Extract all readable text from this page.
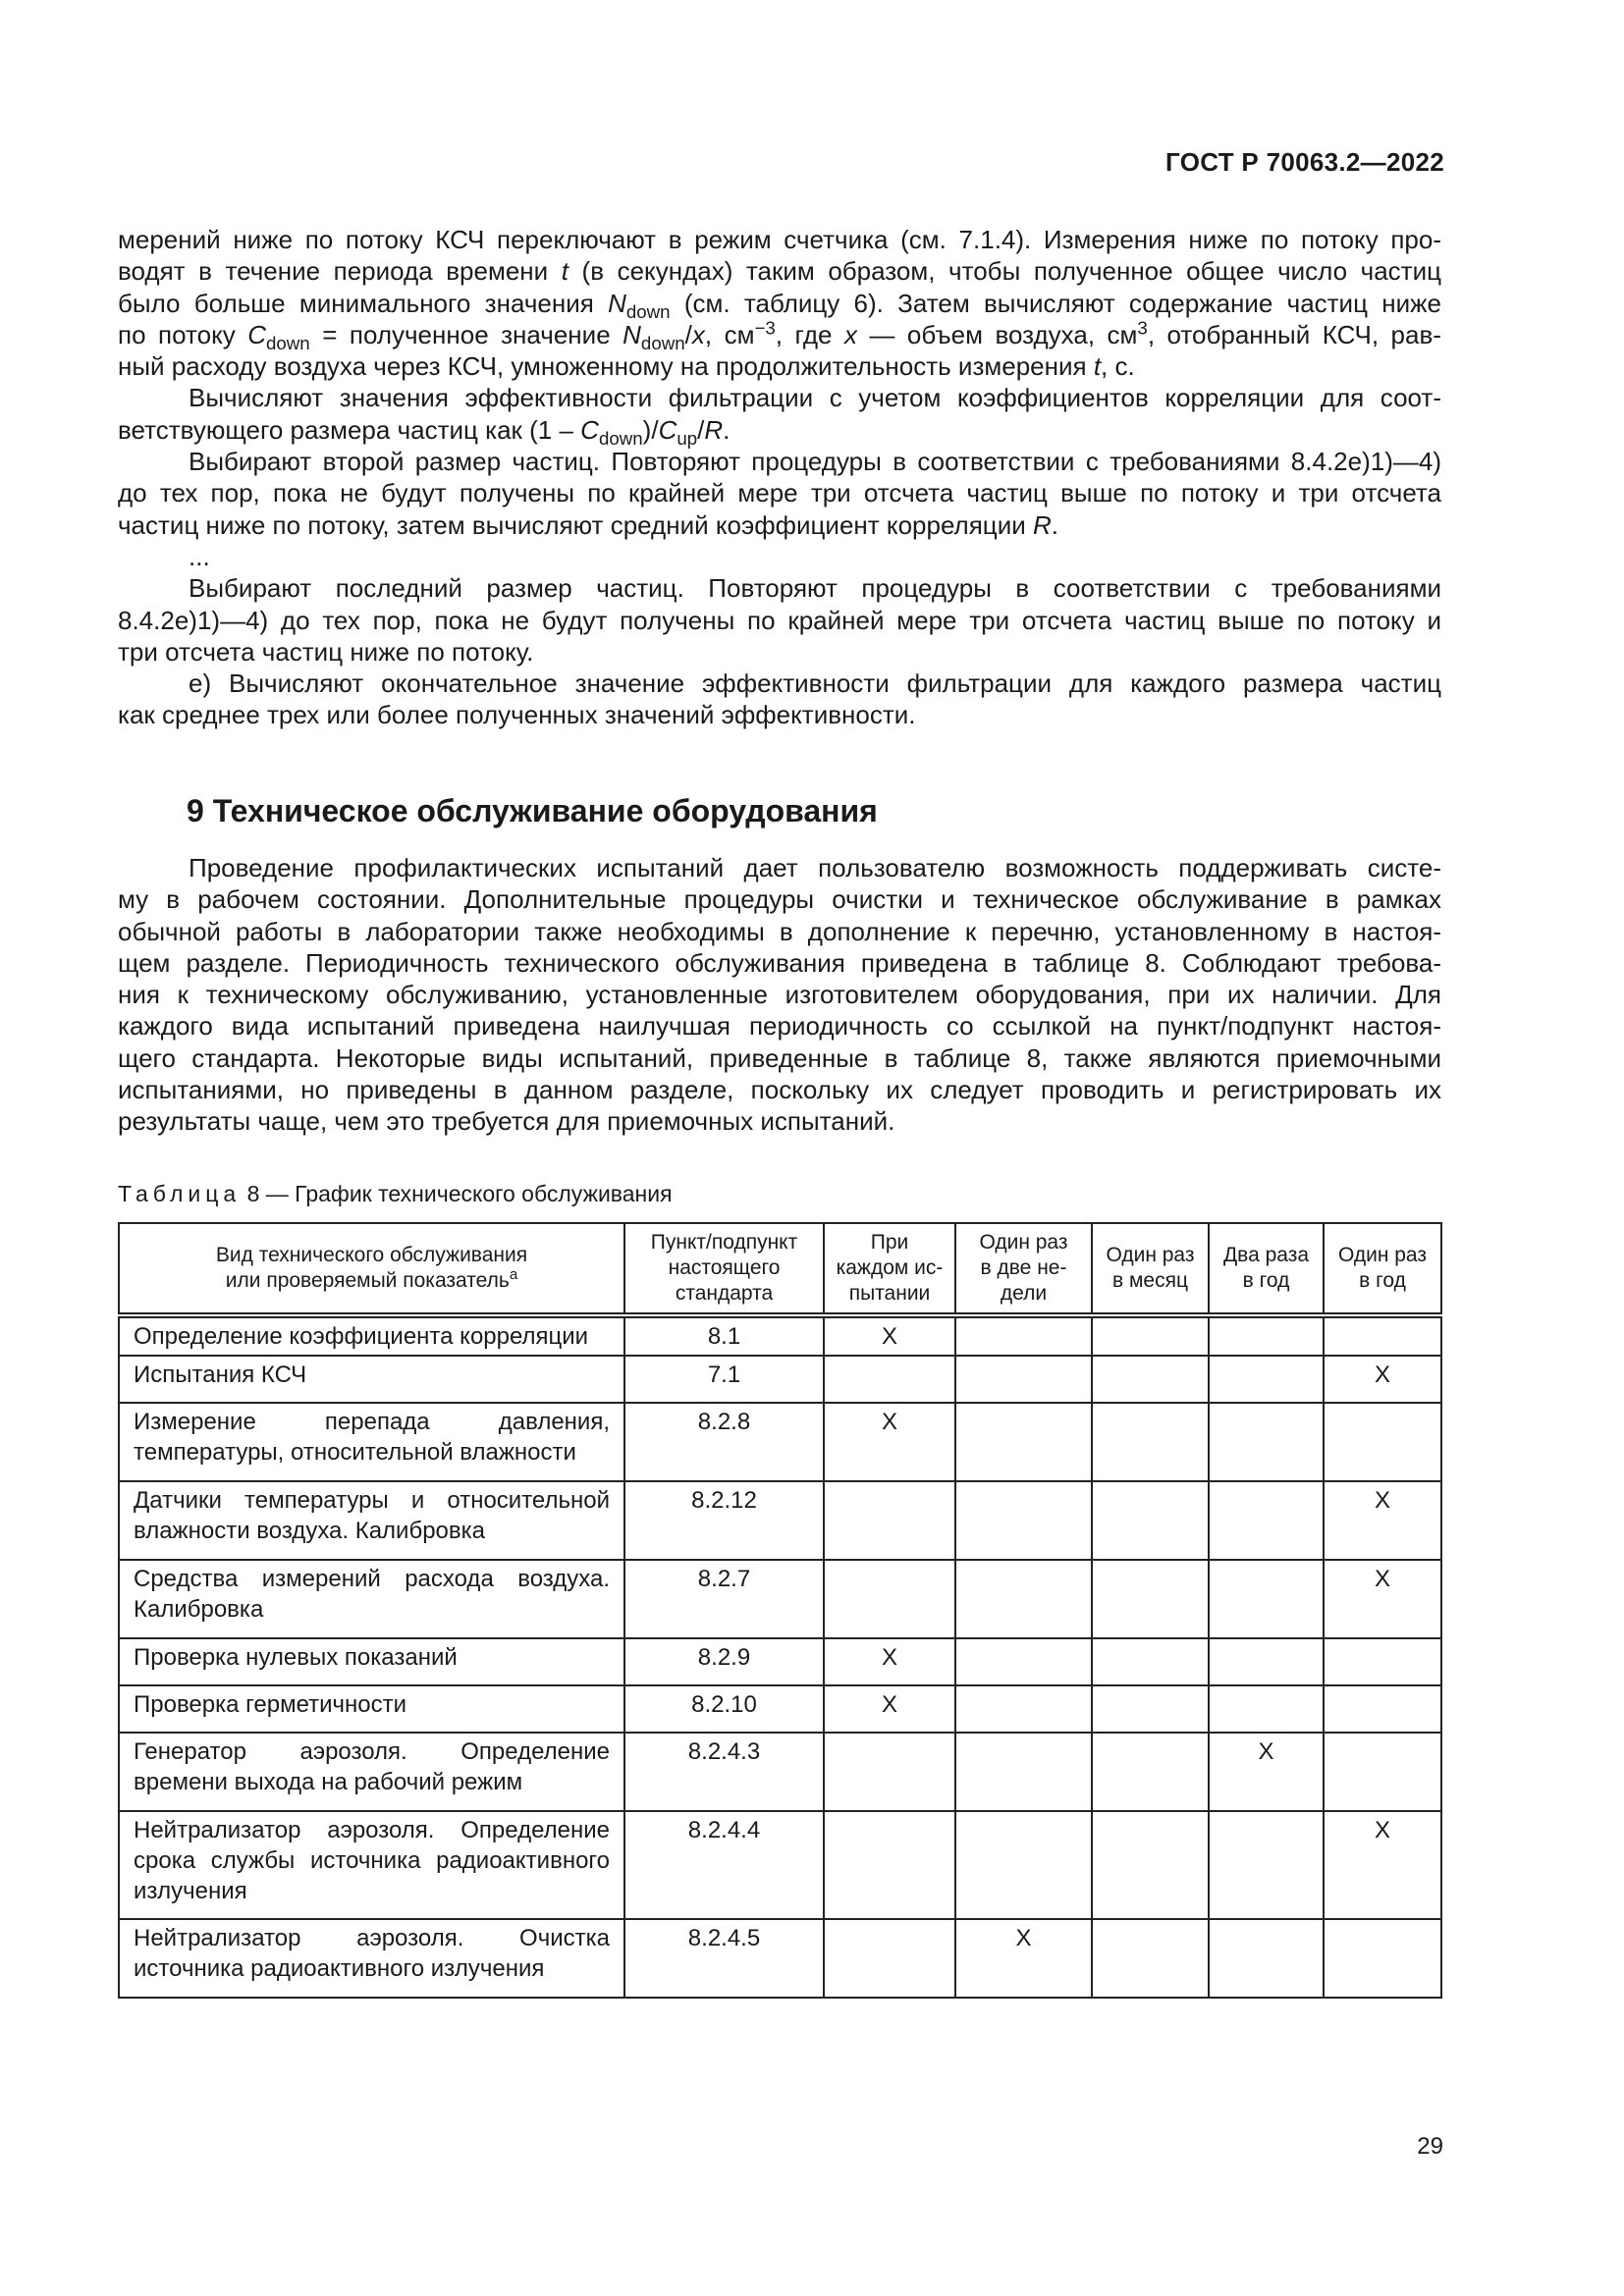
ГОСТ Р 70063.2—2022
мерений ниже по потоку КСЧ переключают в режим счетчика (см. 7.1.4). Измерения ниже по потоку про-
водят в течение периода времени t (в секундах) таким образом, чтобы полученное общее число частиц
было больше минимального значения $N_{down}$ (см. таблицу 6). Затем вычисляют содержание частиц ниже
по потоку $C_{down}$ = полученное значение $N_{down}/x$, $см^{-3}$, где x — объем воздуха, $см^3$, отобранный КСЧ, рав-
ный расходу воздуха через КСЧ, умноженному на продолжительность измерения t, с.
Вычисляют значения эффективности фильтрации с учетом коэффициентов корреляции для соот-
ветствующего размера частиц как $(1 - C_{down})/C_{up}/R$.
Выбирают второй размер частиц. Повторяют процедуры в соответствии с требованиями 8.4.2е)1)—4)
до тех пор, пока не будут получены по крайней мере три отсчета частиц выше по потоку и три отсчета
частиц ниже по потоку, затем вычисляют средний коэффициент корреляции R.
...
Выбирают последний размер частиц. Повторяют процедуры в соответствии с требованиями
8.4.2е)1)—4) до тех пор, пока не будут получены по крайней мере три отсчета частиц выше по потоку и
три отсчета частиц ниже по потоку.
е) Вычисляют окончательное значение эффективности фильтрации для каждого размера частиц
как среднее трех или более полученных значений эффективности.
9 Техническое обслуживание оборудования
Проведение профилактических испытаний дает пользователю возможность поддерживать систе-
му в рабочем состоянии. Дополнительные процедуры очистки и техническое обслуживание в рамках
обычной работы в лаборатории также необходимы в дополнение к перечню, установленному в настоя-
щем разделе. Периодичность технического обслуживания приведена в таблице 8. Соблюдают требова-
ния к техническому обслуживанию, установленные изготовителем оборудования, при их наличии. Для
каждого вида испытаний приведена наилучшая периодичность со ссылкой на пункт/подпункт настоя-
щего стандарта. Некоторые виды испытаний, приведенные в таблице 8, также являются приемочными
испытаниями, но приведены в данном разделе, поскольку их следует проводить и регистрировать их
результаты чаще, чем это требуется для приемочных испытаний.
Таблица 8 — График технического обслуживания
Вид технического обслуживания
или проверяемый показатель$^a$	Пункт/подпункт
настоящего
стандарта	При
каждом ис-
пытании	Один раз
в две не-
дели	Один раз
в месяц	Два раза
в год	Один раз
в год
Определение коэффициента корреляции	8.1	X				
Испытания КСЧ	7.1					X
Измерение перепада давления, температуры, относительной влажности	8.2.8	X				
Датчики температуры и относительной влажности воздуха. Калибровка	8.2.12					X
Средства измерений расхода воздуха. Калибровка	8.2.7					X
Проверка нулевых показаний	8.2.9	X				
Проверка герметичности	8.2.10	X				
Генератор аэрозоля. Определение времени выхода на рабочий режим	8.2.4.3				X	
Нейтрализатор аэрозоля. Определение срока службы источника радиоактивного излучения	8.2.4.4					X
Нейтрализатор аэрозоля. Очистка источника радиоактивного излучения	8.2.4.5		X			
29
